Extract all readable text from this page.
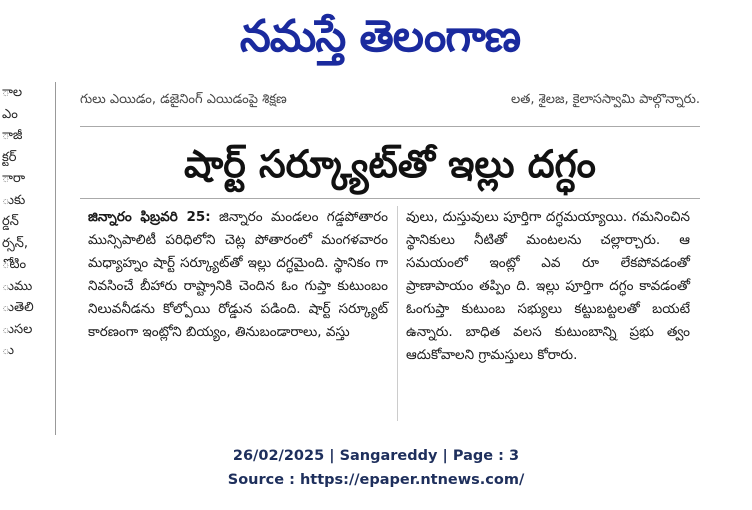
నమస్తే తెలంగాణ
ాల
ఎం
ాజీ
క్టర్
ారా
ుకు
ర్డన్
ర్సన్,
ోటిం
ుము
ుతెలి
ుసల
ు
గులు ఎయిడం, డజైనింగ్ ఎయిడంపై శిక్షణ	లత, శైలజ, కైలాసస్వామి పాల్గొన్నారు.
షార్ట్ సర్క్యూట్‌తో ఇల్లు దగ్ధం
జిన్నారం ఫిబ్రవరి 25: జిన్నారం మండలం గడ్డపోతారం మున్సిపాలిటీ పరిధిలోని చెట్ల పోతారంలో మంగళవారం మధ్యాహ్నం షార్ట్ సర్క్యూట్‌తో ఇల్లు దగ్ధమైంది. స్థానికం గా నివసించే బీహారు రాష్ట్రానికి చెందిన ఓం గుప్తా కుటుంబం నిలువనీడను కోల్పోయి రోడ్డున పడింది. షార్ట్ సర్క్యూట్ కారణంగా ఇంట్లోని బియ్యం, తినుబండారాలు, వస్తు
వులు, దుస్తువులు పూర్తిగా దగ్ధమయ్యాయి. గమనించిన స్థానికులు నీటితో మంటలను చల్లార్చారు. ఆ సమయంలో ఇంట్లో ఎవ రూ లేకపోవడంతో ప్రాణాపాయం తప్పిం ది. ఇల్లు పూర్తిగా దగ్ధం కావడంతో ఓంగుప్తా కుటుంబ సభ్యులు కట్టుబట్టలతో బయటే ఉన్నారు. బాధిత వలస కుటుంబాన్ని ప్రభు త్వం ఆదుకోవాలని గ్రామస్తులు కోరారు.
26/02/2025 | Sangareddy | Page : 3
Source : https://epaper.ntnews.com/
